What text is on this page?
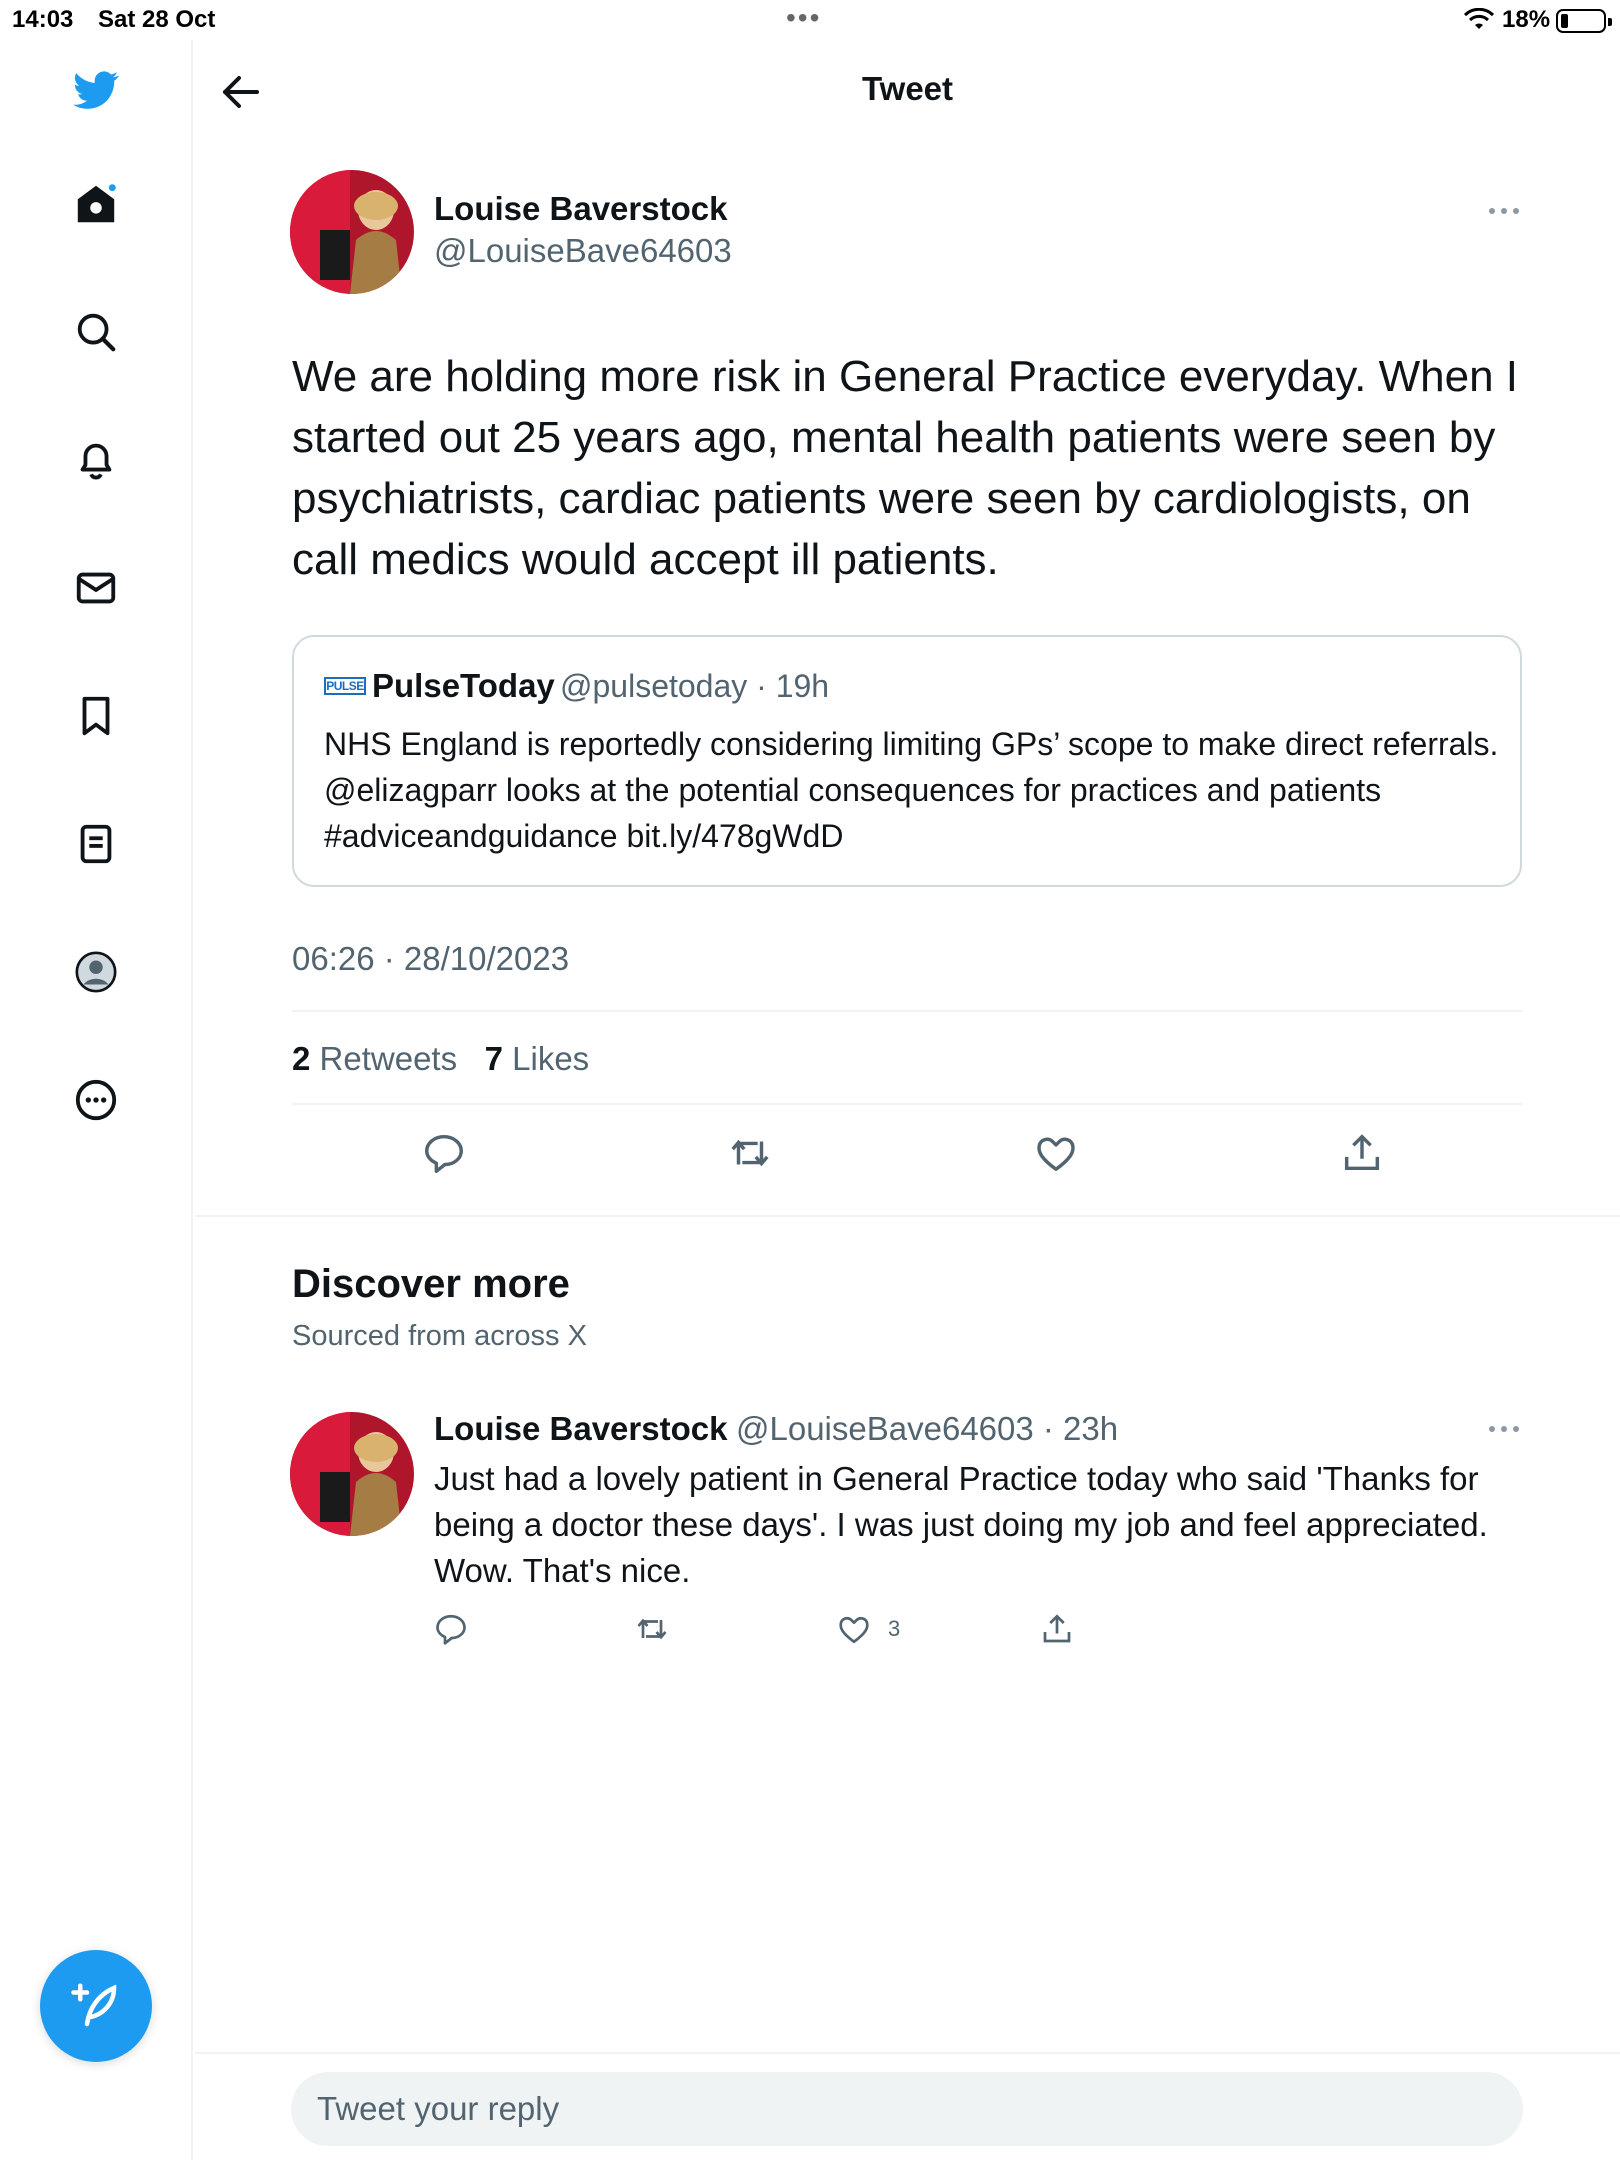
14:03 Sat 28 Oct	•••	18%
Tweet
Louise Baverstock
@LouiseBave64603
We are holding more risk in General Practice everyday. When I started out 25 years ago, mental health patients were seen by psychiatrists, cardiac patients were seen by cardiologists, on call medics would accept ill patients.
PULSE PulseToday @pulsetoday · 19h
NHS England is reportedly considering limiting GPs’ scope to make direct referrals. @elizagparr looks at the potential consequences for practices and patients #adviceandguidance bit.ly/478gWdD
06:26 · 28/10/2023
2 Retweets 7 Likes
Discover more
Sourced from across X
Louise Baverstock @LouiseBave64603 · 23h
Just had a lovely patient in General Practice today who said 'Thanks for being a doctor these days'. I was just doing my job and feel appreciated. Wow. That's nice.
3
Tweet your reply
